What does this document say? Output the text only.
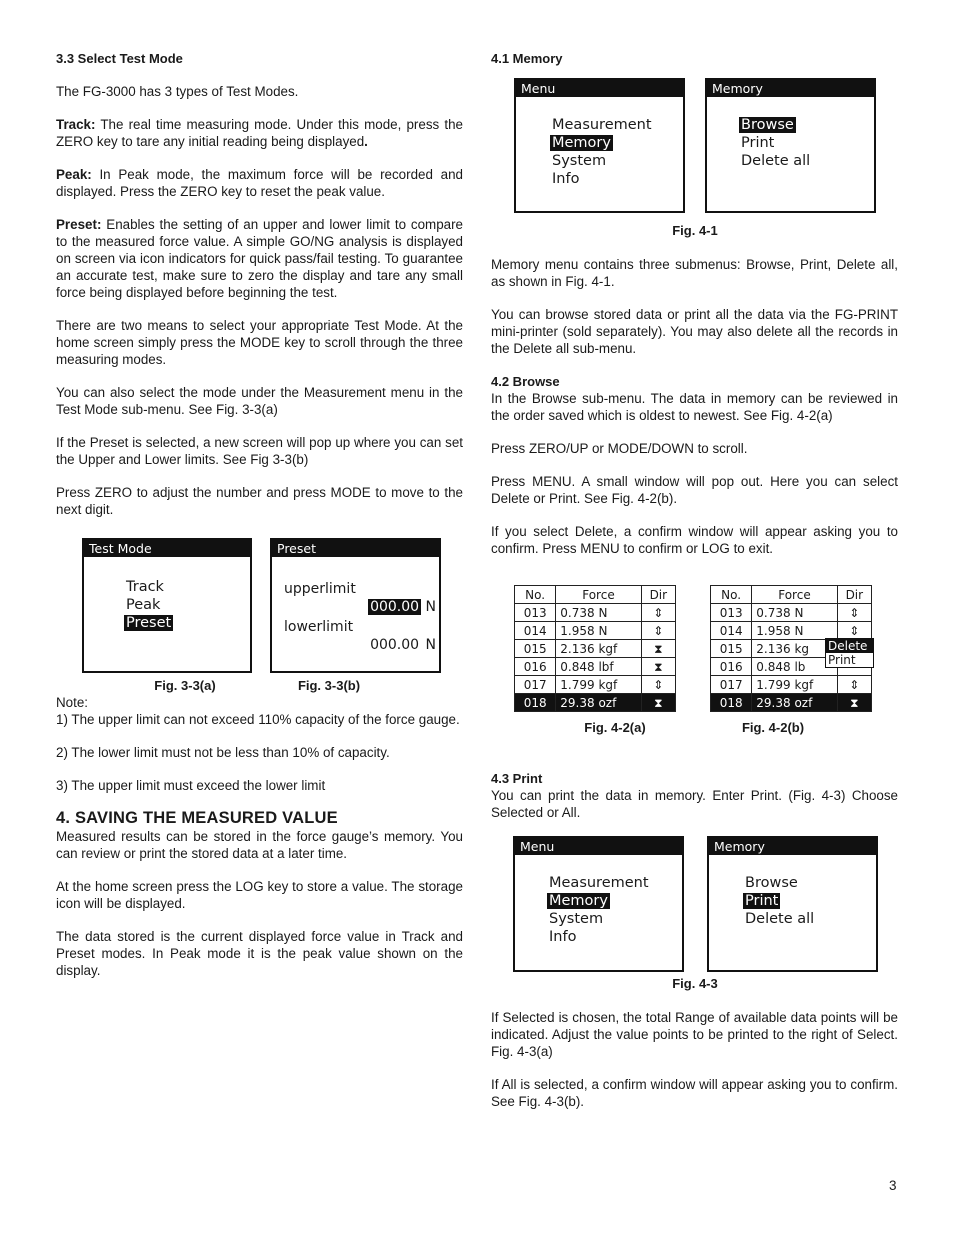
3.3 Select Test Mode

The FG-3000 has 3 types of Test Modes.

Track: The real time measuring mode. Under this mode, press the ZERO key to tare any initial reading being displayed.

Peak: In Peak mode, the maximum force will be recorded and displayed. Press the ZERO key to reset the peak value.

Preset: Enables the setting of an upper and lower limit to compare to the measured force value. A simple GO/NG analysis is displayed on screen via icon indicators for quick pass/fail testing. To guarantee an accurate test, make sure to zero the display and tare any small force being displayed before beginning the test.

There are two means to select your appropriate Test Mode. At the home screen simply press the MODE key to scroll through the three measuring modes.

You can also select the mode under the Measurement menu in the Test Mode sub-menu. See Fig. 3-3(a)

If the Preset is selected, a new screen will pop up where you can set the Upper and Lower limits. See Fig 3-3(b)

Press ZERO to adjust the number and press MODE to move to the next digit.

Test Mode
Track
Peak
Preset
Preset
upperlimit
000.00 N
lowerlimit
000.00 N
Fig. 3-3(a)	Fig. 3-3(b)

Note:

1) The upper limit can not exceed 110% capacity of the force gauge.

2) The lower limit must not be less than 10% of capacity.

3) The upper limit must exceed the lower limit

4. SAVING THE MEASURED VALUE

Measured results can be stored in the force gauge’s memory. You can review or print the stored data at a later time.

At the home screen press the LOG key to store a value. The storage icon will be displayed.

The data stored is the current displayed force value in Track and Preset modes. In Peak mode it is the peak value shown on the display.

4.1 Memory
Menu
Measurement
Memory
System
Info
Memory
Browse
Print
Delete all
Fig. 4-1

Memory menu contains three submenus: Browse, Print, Delete all, as shown in Fig. 4-1.

You can browse stored data or print all the data via the FG-PRINT mini-printer (sold separately). You may also delete all the records in the Delete all sub-menu.

4.2 Browse

In the Browse sub-menu. The data in memory can be reviewed in the order saved which is oldest to newest. See Fig. 4-2(a)

Press ZERO/UP or MODE/DOWN to scroll.

Press MENU. A small window will pop out. Here you can select Delete or Print. See Fig. 4-2(b).

If you select Delete, a confirm window will appear asking you to confirm. Press MENU to confirm or LOG to exit.

No.	Force	Dir
013	0.738 N	⇕
014	1.958 N	⇕
015	2.136 kgf	⧗
016	0.848 lbf	⧗
017	1.799 kgf	⇕
018	29.38 ozf	⧗
No.	Force	Dir
013	0.738 N	⇕
014	1.958 N	⇕
015	2.136 kg	
016	0.848 lb	
017	1.799 kgf	⇕
018	29.38 ozf	⧗
Delete
Print
Fig. 4-2(a)	Fig. 4-2(b)
4.3 Print

You can print the data in memory. Enter Print. (Fig. 4-3) Choose Selected or All.

Menu
Measurement
Memory
System
Info
Memory
Browse
Print
Delete all
Fig. 4-3

If Selected is chosen, the total Range of available data points will be indicated. Adjust the value points to be printed to the right of Select. Fig. 4-3(a)

If All is selected, a confirm window will appear asking you to confirm. See Fig. 4-3(b).

3
